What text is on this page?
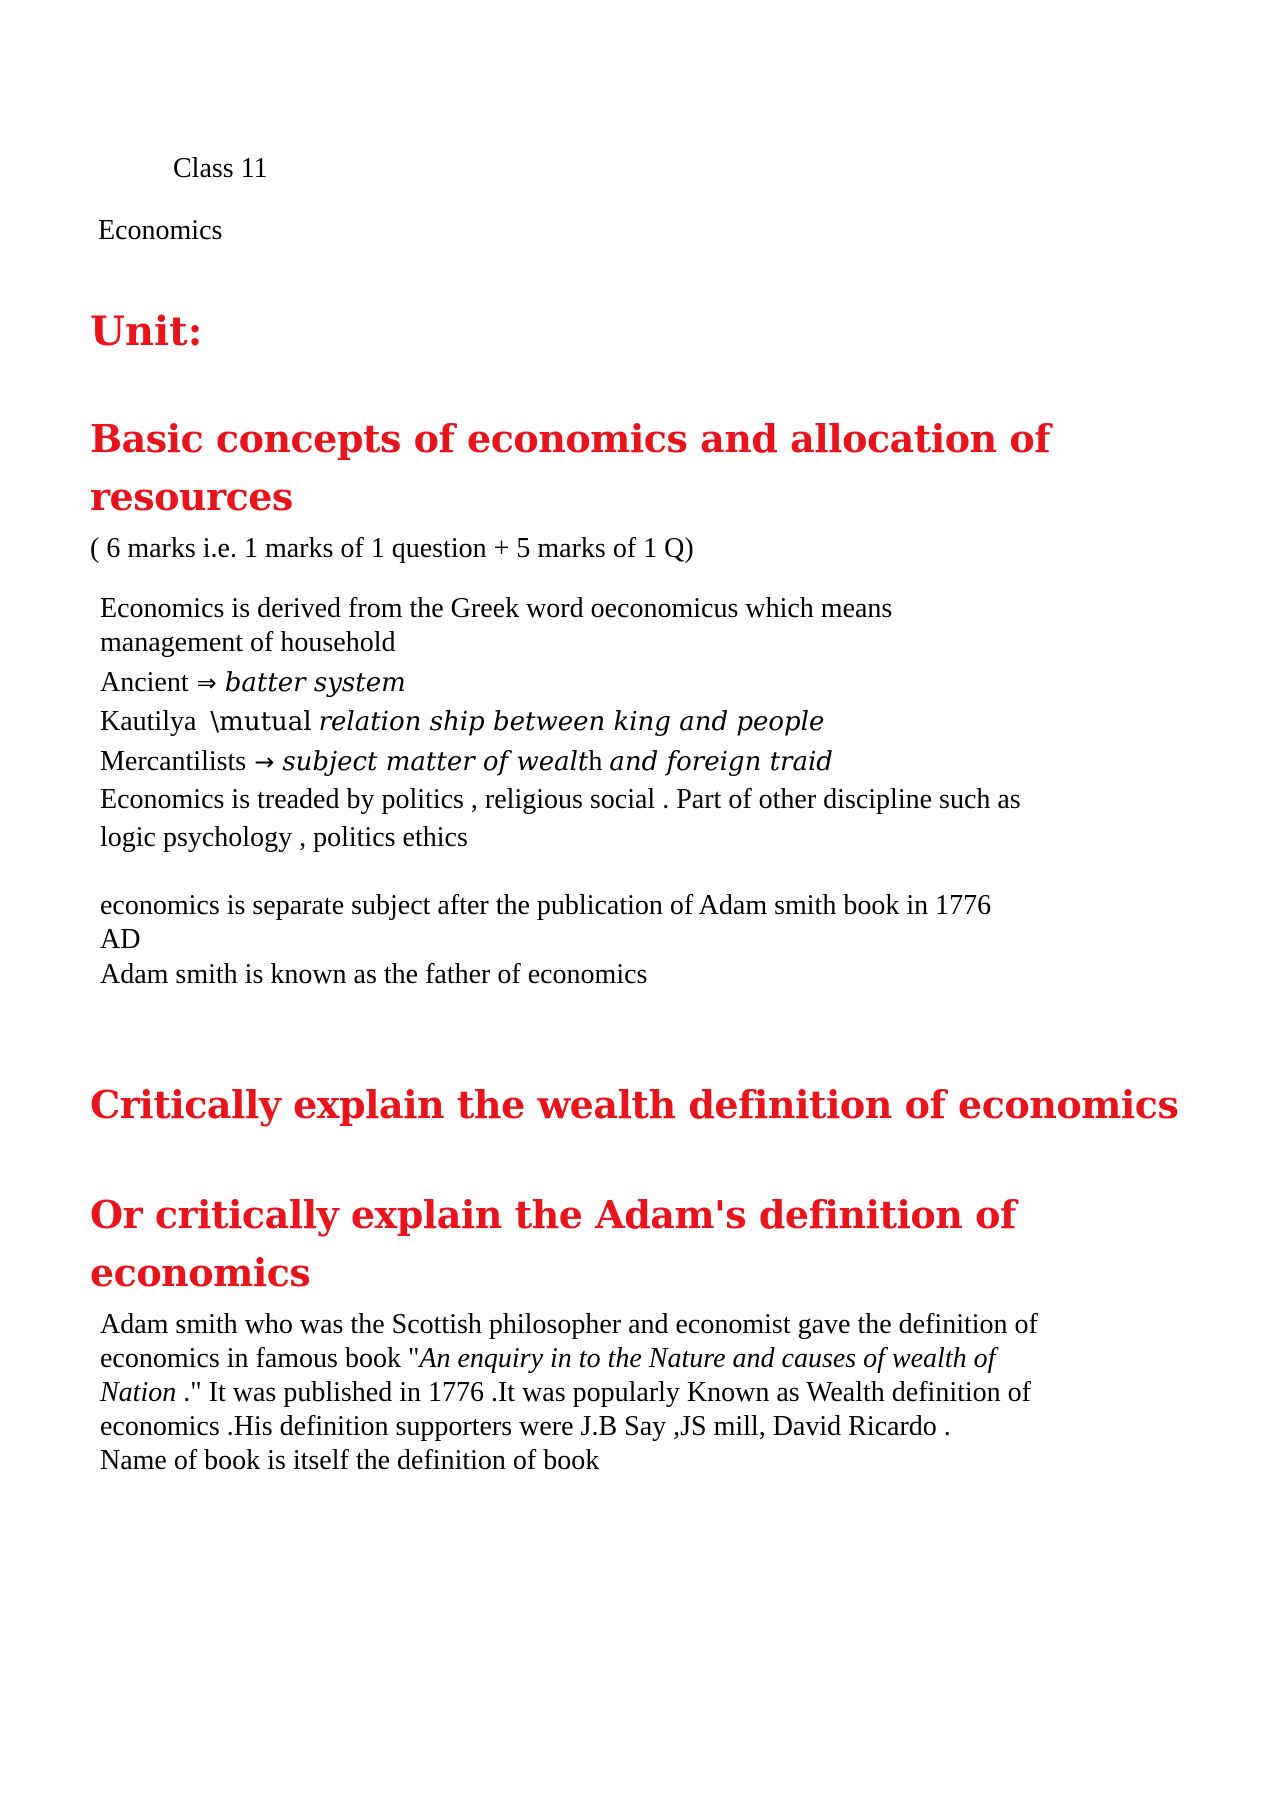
Class 11
Economics
Unit:
Basic concepts of economics and allocation of
resources
( 6 marks i.e. 1 marks of 1 question + 5 marks of 1 Q)
Economics is derived from the Greek word oeconomicus which means
management of household
Ancient ⇒ batter system
Kautilya \mutual relation ship between king and people
Mercantilists → subject matter of wealth and foreign traid
Economics is treaded by politics , religious social . Part of other discipline such as
logic psychology , politics ethics
economics is separate subject after the publication of Adam smith book in 1776
AD
Adam smith is known as the father of economics
Critically explain the wealth definition of economics
Or critically explain the Adam's definition of
economics
Adam smith who was the Scottish philosopher and economist gave the definition of
economics in famous book "An enquiry in to the Nature and causes of wealth of
Nation ." It was published in 1776 .It was popularly Known as Wealth definition of
economics .His definition supporters were J.B Say ,JS mill, David Ricardo .
Name of book is itself the definition of book
